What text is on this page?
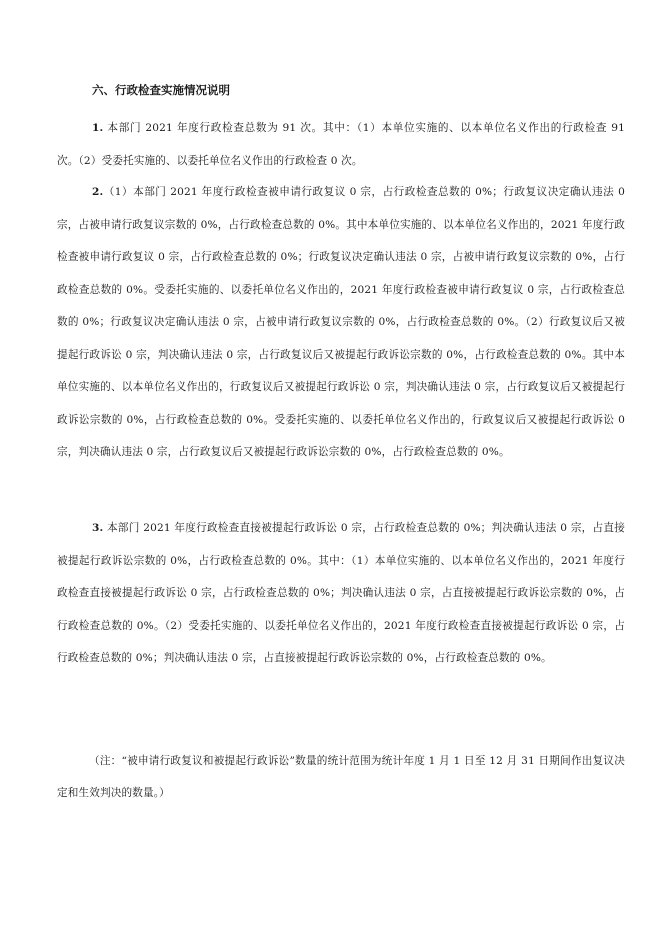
六、行政检查实施情况说明
1. 本部门 2021 年度行政检查总数为 91 次。其中：（1）本单位实施的、以本单位名义作出的行政检查 91 次。（2）受委托实施的、以委托单位名义作出的行政检查 0 次。
2.（1）本部门 2021 年度行政检查被申请行政复议 0 宗，占行政检查总数的 0%；行政复议决定确认违法 0 宗，占被申请行政复议宗数的 0%，占行政检查总数的 0%。其中本单位实施的、以本单位名义作出的，2021 年度行政检查被申请行政复议 0 宗，占行政检查总数的 0%；行政复议决定确认违法 0 宗，占被申请行政复议宗数的 0%，占行政检查总数的 0%。受委托实施的、以委托单位名义作出的，2021 年度行政检查被申请行政复议 0 宗，占行政检查总数的 0%；行政复议决定确认违法 0 宗，占被申请行政复议宗数的 0%，占行政检查总数的 0%。（2）行政复议后又被提起行政诉讼 0 宗，判决确认违法 0 宗，占行政复议后又被提起行政诉讼宗数的 0%，占行政检查总数的 0%。其中本单位实施的、以本单位名义作出的，行政复议后又被提起行政诉讼 0 宗，判决确认违法 0 宗，占行政复议后又被提起行政诉讼宗数的 0%，占行政检查总数的 0%。受委托实施的、以委托单位名义作出的，行政复议后又被提起行政诉讼 0 宗，判决确认违法 0 宗，占行政复议后又被提起行政诉讼宗数的 0%，占行政检查总数的 0%。
3. 本部门 2021 年度行政检查直接被提起行政诉讼 0 宗，占行政检查总数的 0%；判决确认违法 0 宗，占直接被提起行政诉讼宗数的 0%，占行政检查总数的 0%。其中：（1）本单位实施的、以本单位名义作出的，2021 年度行政检查直接被提起行政诉讼 0 宗，占行政检查总数的 0%；判决确认违法 0 宗，占直接被提起行政诉讼宗数的 0%，占行政检查总数的 0%。（2）受委托实施的、以委托单位名义作出的，2021 年度行政检查直接被提起行政诉讼 0 宗，占行政检查总数的 0%；判决确认违法 0 宗，占直接被提起行政诉讼宗数的 0%，占行政检查总数的 0%。
（注：“被申请行政复议和被提起行政诉讼”数量的统计范围为统计年度 1 月 1 日至 12 月 31 日期间作出复议决定和生效判决的数量。）
